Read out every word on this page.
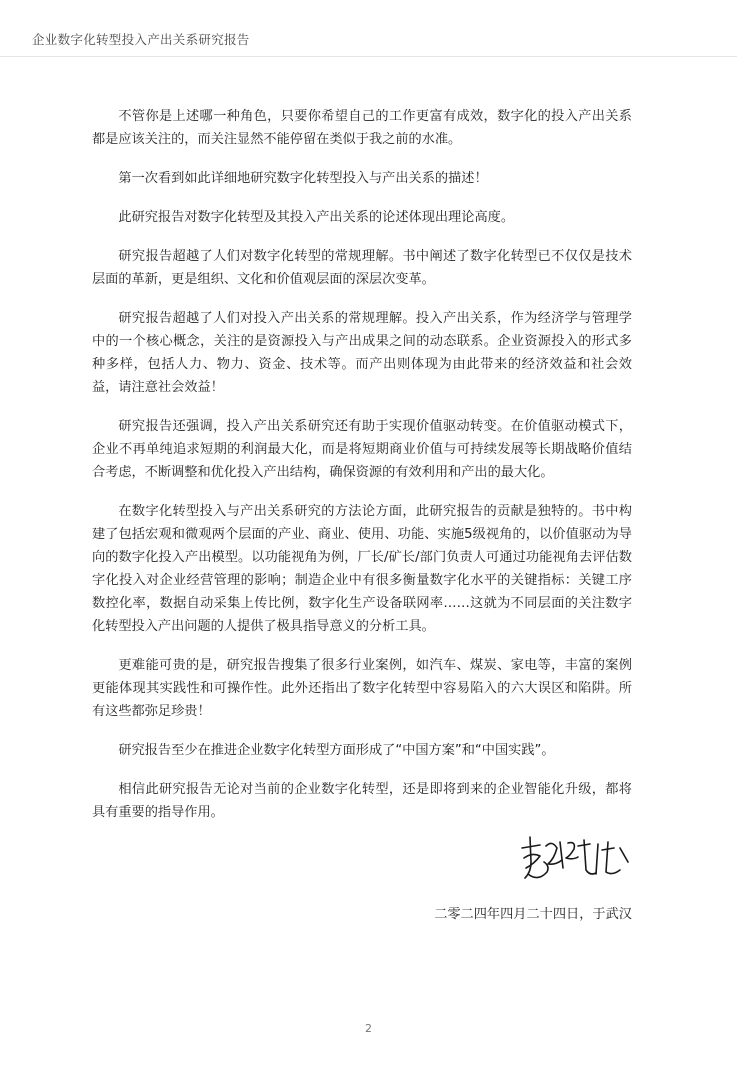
企业数字化转型投入产出关系研究报告

不管你是上述哪一种角色，只要你希望自己的工作更富有成效，数字化的投入产出关系都是应该关注的，而关注显然不能停留在类似于我之前的水准。

第一次看到如此详细地研究数字化转型投入与产出关系的描述！

此研究报告对数字化转型及其投入产出关系的论述体现出理论高度。

研究报告超越了人们对数字化转型的常规理解。书中阐述了数字化转型已不仅仅是技术层面的革新，更是组织、文化和价值观层面的深层次变革。

研究报告超越了人们对投入产出关系的常规理解。投入产出关系，作为经济学与管理学中的一个核心概念，关注的是资源投入与产出成果之间的动态联系。企业资源投入的形式多种多样，包括人力、物力、资金、技术等。而产出则体现为由此带来的经济效益和社会效益，请注意社会效益！

研究报告还强调，投入产出关系研究还有助于实现价值驱动转变。在价值驱动模式下，企业不再单纯追求短期的利润最大化，而是将短期商业价值与可持续发展等长期战略价值结合考虑，不断调整和优化投入产出结构，确保资源的有效利用和产出的最大化。

在数字化转型投入与产出关系研究的方法论方面，此研究报告的贡献是独特的。书中构建了包括宏观和微观两个层面的产业、商业、使用、功能、实施5级视角的，以价值驱动为导向的数字化投入产出模型。以功能视角为例，厂长/矿长/部门负责人可通过功能视角去评估数字化投入对企业经营管理的影响；制造企业中有很多衡量数字化水平的关键指标：关键工序数控化率，数据自动采集上传比例，数字化生产设备联网率……这就为不同层面的关注数字化转型投入产出问题的人提供了极具指导意义的分析工具。

更难能可贵的是，研究报告搜集了很多行业案例，如汽车、煤炭、家电等，丰富的案例更能体现其实践性和可操作性。此外还指出了数字化转型中容易陷入的六大误区和陷阱。所有这些都弥足珍贵！

研究报告至少在推进企业数字化转型方面形成了“中国方案”和“中国实践”。

相信此研究报告无论对当前的企业数字化转型，还是即将到来的企业智能化升级，都将具有重要的指导作用。

二零二四年四月二十四日，于武汉
2
